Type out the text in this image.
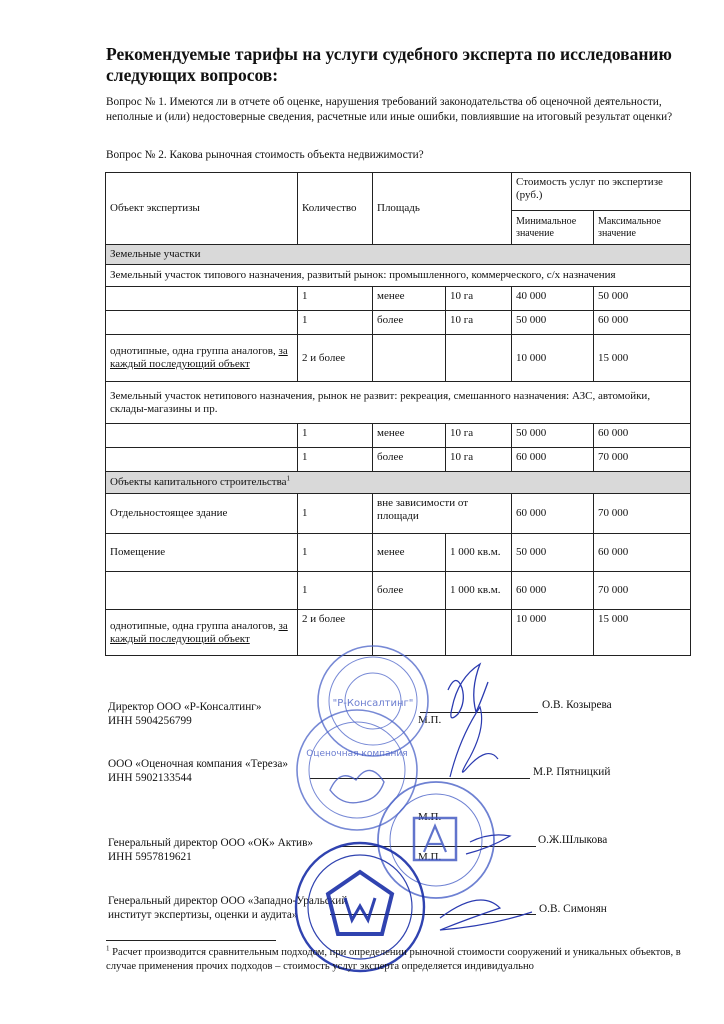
Рекомендуемые тарифы на услуги судебного эксперта по исследованию следующих вопросов:
Вопрос № 1. Имеются ли в отчете об оценке, нарушения требований законодательства об оценочной деятельности, неполные и (или) недостоверные сведения, расчетные или иные ошибки, повлиявшие на итоговый результат оценки?
Вопрос № 2. Какова рыночная стоимость объекта недвижимости?
Объект экспертизы	Количество	Площадь		Стоимость услуг по экспертизе (руб.)	
				Минимальное значение	Максимальное значение
Земельные участки					
Земельный участок типового назначения, развитый рынок: промышленного, коммерческого, с/х назначения					
	1	менее	10 га	40 000	50 000
	1	более	10 га	50 000	60 000
однотипные, одна группа аналогов, за каждый последующий объект	2 и более			10 000	15 000
Земельный участок нетипового назначения, рынок не развит: рекреация, смешанного назначения: АЗС, автомойки, склады-магазины и пр.					
	1	менее	10 га	50 000	60 000
	1	более	10 га	60 000	70 000
Объекты капитального строительства$^1$
Отдельностоящее здание	1	вне зависимости от площади		60 000	70 000
Помещение	1	менее	1 000 кв.м.	50 000	60 000
	1	более	1 000 кв.м.	60 000	70 000
однотипные, одна группа аналогов, за каждый последующий объект	2 и более			10 000	15 000
Директор ООО «Р-Консалтинг»
ИНН 5904256799
О.В. Козырева
М.П.
ООО «Оценочная компания «Тереза»
ИНН 5902133544	М.Р. Пятницкий
М.П.
Генеральный директор ООО «ОК» Актив»
ИНН 5957819621
О.Ж.Шлыкова
М.П.
Генеральный директор ООО «Западно-Уральский
институт экспертизы, оценки и аудита»	О.В. Симонян
"Р-Консалтинг"
Оценочная компания
$^1$ Расчет производится сравнительным подходом, при определении рыночной стоимости сооружений и уникальных объектов, в случае применения прочих подходов – стоимость услуг эксперта определяется индивидуально
